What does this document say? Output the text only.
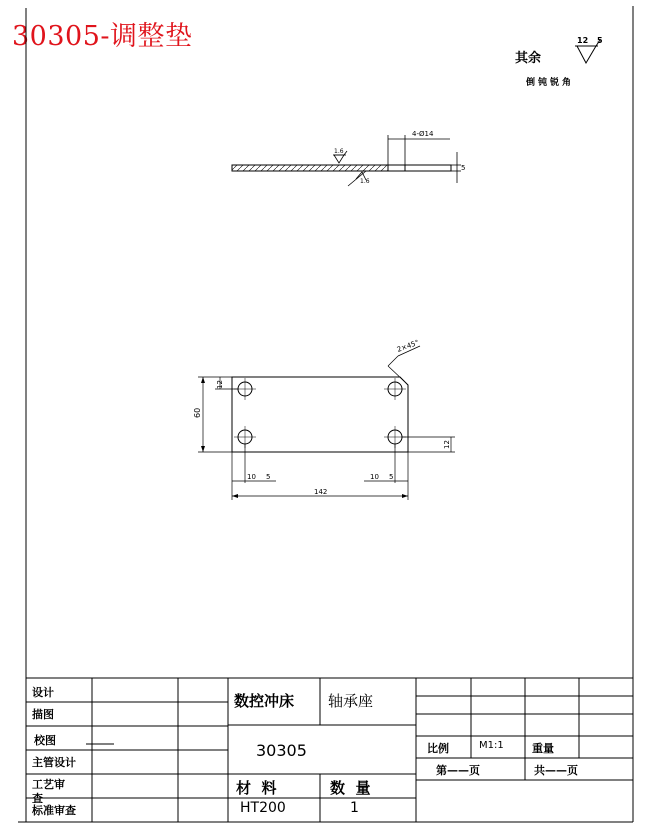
30305-调整垫
4-Ø14
5
1.6
1.6
2×45°
60
12
12
10 5	10 5
142
其余
12 5
倒钝锐角
设计
描图
校图
主管设计
工艺审查
标准审查
数控冲床 轴承座
30305
材  料	数  量
HT200	1
比例	M1:1	重量
第——页	共——页
